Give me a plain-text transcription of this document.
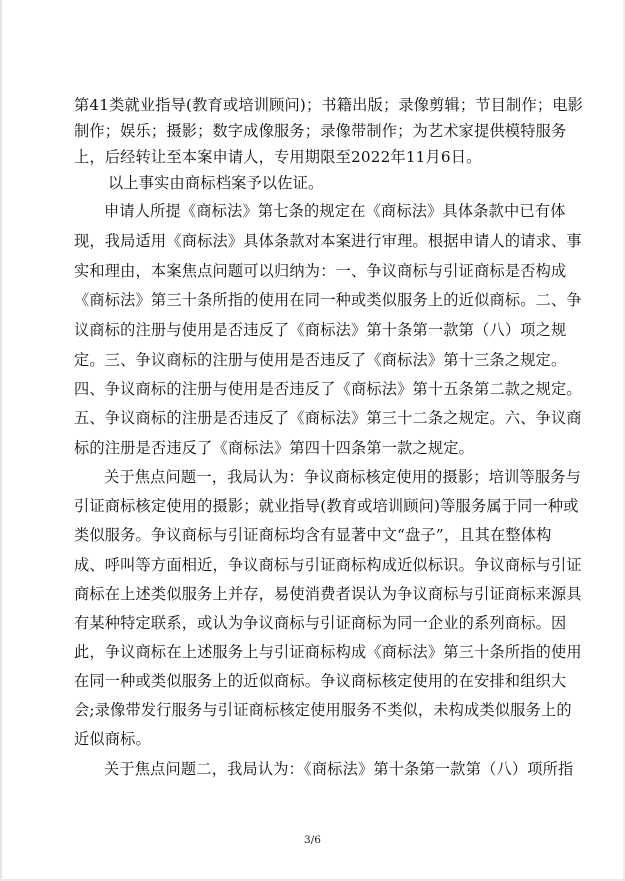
第41类就业指导(教育或培训顾问)；书籍出版；录像剪辑；节目制作；电影
制作；娱乐；摄影；数字成像服务；录像带制作；为艺术家提供模特服务
上，后经转让至本案申请人，专用期限至2022年11月6日。
以上事实由商标档案予以佐证。
申请人所提《商标法》第七条的规定在《商标法》具体条款中已有体
现，我局适用《商标法》具体条款对本案进行审理。根据申请人的请求、事
实和理由，本案焦点问题可以归纳为：一、争议商标与引证商标是否构成
《商标法》第三十条所指的使用在同一种或类似服务上的近似商标。二、争
议商标的注册与使用是否违反了《商标法》第十条第一款第（八）项之规
定。三、争议商标的注册与使用是否违反了《商标法》第十三条之规定。
四、争议商标的注册与使用是否违反了《商标法》第十五条第二款之规定。
五、争议商标的注册是否违反了《商标法》第三十二条之规定。六、争议商
标的注册是否违反了《商标法》第四十四条第一款之规定。
关于焦点问题一，我局认为：争议商标核定使用的摄影；培训等服务与
引证商标核定使用的摄影；就业指导(教育或培训顾问)等服务属于同一种或
类似服务。争议商标与引证商标均含有显著中文“盘子”，且其在整体构
成、呼叫等方面相近，争议商标与引证商标构成近似标识。争议商标与引证
商标在上述类似服务上并存，易使消费者误认为争议商标与引证商标来源具
有某种特定联系，或认为争议商标与引证商标为同一企业的系列商标。因
此，争议商标在上述服务上与引证商标构成《商标法》第三十条所指的使用
在同一种或类似服务上的近似商标。争议商标核定使用的在安排和组织大
会;录像带发行服务与引证商标核定使用服务不类似，未构成类似服务上的
近似商标。
关于焦点问题二，我局认为：《商标法》第十条第一款第（八）项所指
3/6
